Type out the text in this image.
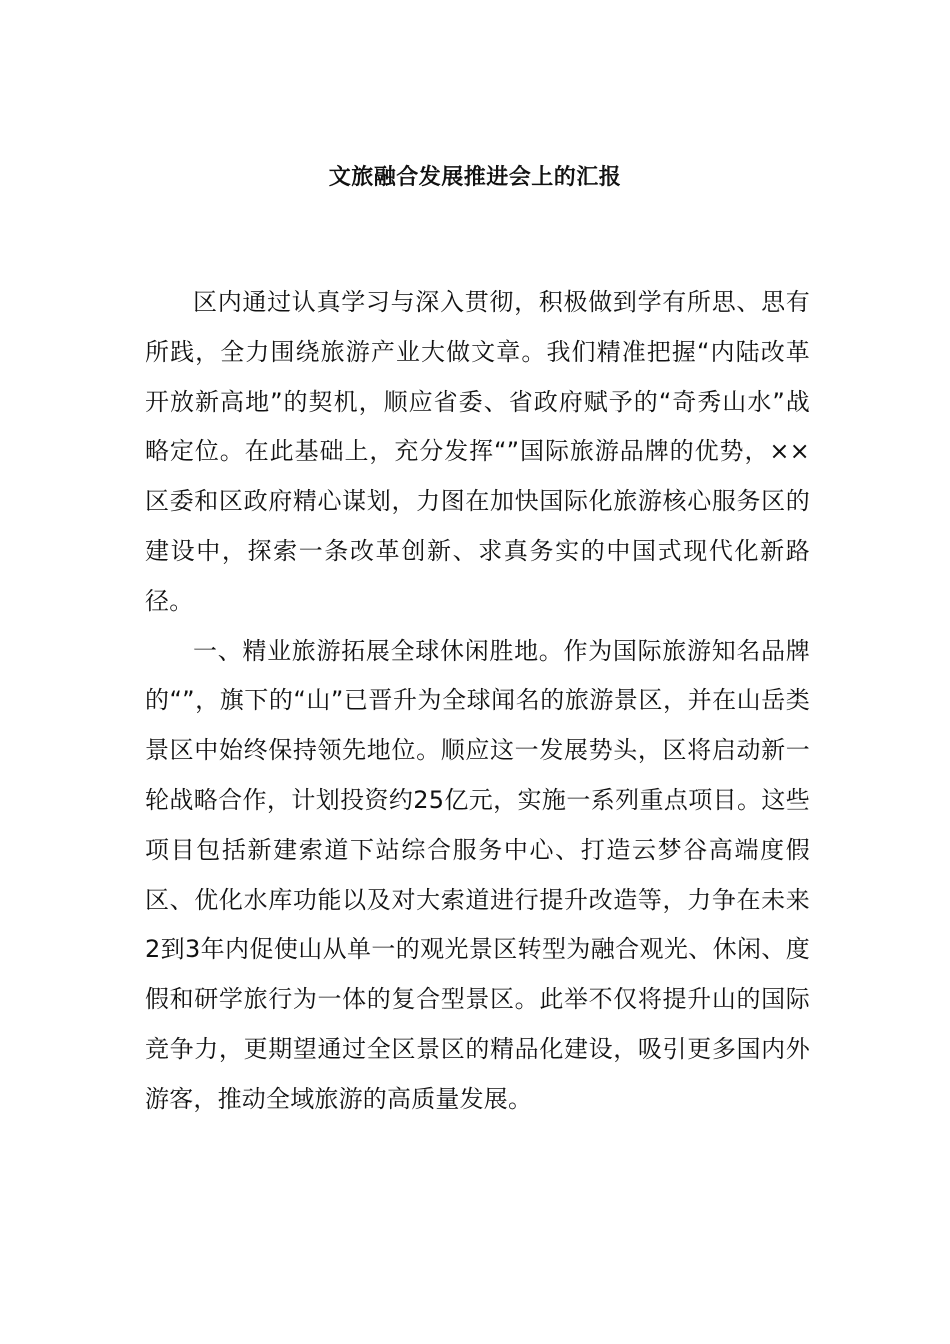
文旅融合发展推进会上的汇报

区内通过认真学习与深入贯彻，积极做到学有所思、思有所践，全力围绕旅游产业大做文章。我们精准把握“内陆改革开放新高地”的契机，顺应省委、省政府赋予的“奇秀山水”战略定位。在此基础上，充分发挥“”国际旅游品牌的优势，××区委和区政府精心谋划，力图在加快国际化旅游核心服务区的建设中，探索一条改革创新、求真务实的中国式现代化新路径。

一、精业旅游拓展全球休闲胜地。作为国际旅游知名品牌的“”，旗下的“山”已晋升为全球闻名的旅游景区，并在山岳类景区中始终保持领先地位。顺应这一发展势头，区将启动新一轮战略合作，计划投资约25亿元，实施一系列重点项目。这些项目包括新建索道下站综合服务中心、打造云梦谷高端度假区、优化水库功能以及对大索道进行提升改造等，力争在未来2到3年内促使山从单一的观光景区转型为融合观光、休闲、度假和研学旅行为一体的复合型景区。此举不仅将提升山的国际竞争力，更期望通过全区景区的精品化建设，吸引更多国内外游客，推动全域旅游的高质量发展。
